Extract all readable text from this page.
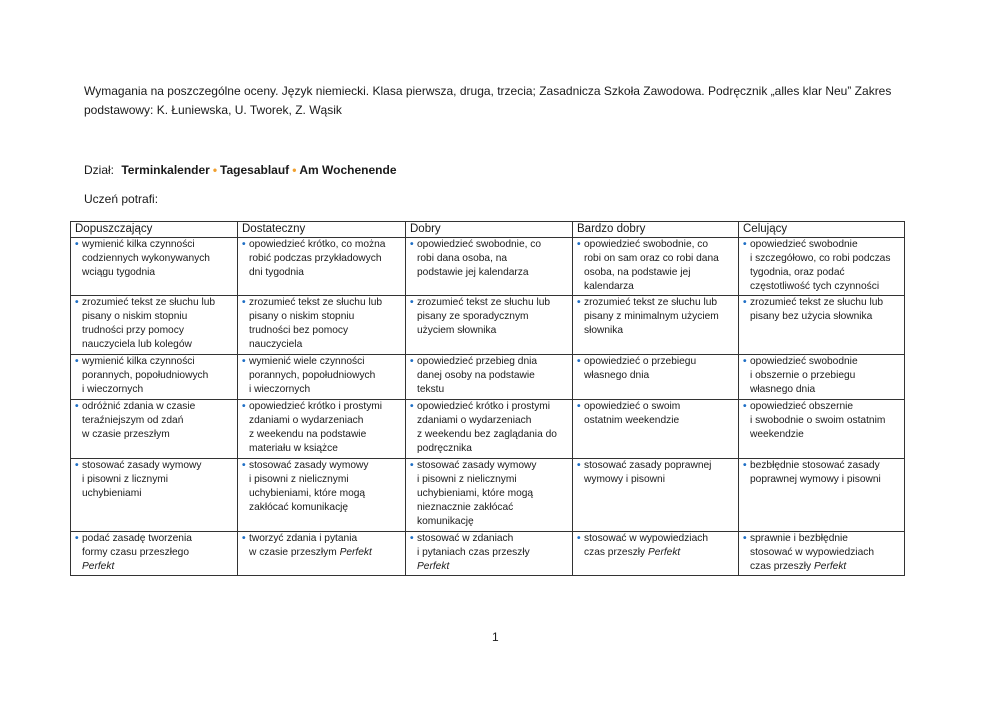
Wymagania na poszczególne oceny. Język niemiecki. Klasa pierwsza, druga, trzecia; Zasadnicza Szkoła Zawodowa. Podręcznik „alles klar Neu” Zakres
podstawowy: K. Łuniewska, U. Tworek, Z. Wąsik
Dział: Terminkalender • Tagesablauf • Am Wochenende
Uczeń potrafi:
Dopuszczający	Dostateczny	Dobry	Bardzo dobry	Celujący

• wymienić kilka czynności

codziennych wykonywanych
wciągu tygodnia	• opowiedzieć krótko, co można

robić podczas przykładowych
dni tygodnia	• opowiedzieć swobodnie, co

robi dana osoba, na
podstawie jej kalendarza	• opowiedzieć swobodnie, co

robi on sam oraz co robi dana
osoba, na podstawie jej
kalendarza	• opowiedzieć swobodnie

i szczegółowo, co robi podczas
tygodnia, oraz podać
częstotliwość tych czynności

• zrozumieć tekst ze słuchu lub

pisany o niskim stopniu
trudności przy pomocy
nauczyciela lub kolegów	• zrozumieć tekst ze słuchu lub

pisany o niskim stopniu
trudności bez pomocy
nauczyciela	• zrozumieć tekst ze słuchu lub

pisany ze sporadycznym
użyciem słownika	• zrozumieć tekst ze słuchu lub

pisany z minimalnym użyciem
słownika	• zrozumieć tekst ze słuchu lub

pisany bez użycia słownika

• wymienić kilka czynności

porannych, popołudniowych
i wieczornych	• wymienić wiele czynności

porannych, popołudniowych
i wieczornych	• opowiedzieć przebieg dnia

danej osoby na podstawie
tekstu	• opowiedzieć o przebiegu

własnego dnia	• opowiedzieć swobodnie

i obszernie o przebiegu
własnego dnia

• odróżnić zdania w czasie

teraźniejszym od zdań
w czasie przeszłym	• opowiedzieć krótko i prostymi

zdaniami o wydarzeniach
z weekendu na podstawie
materiału w książce	• opowiedzieć krótko i prostymi

zdaniami o wydarzeniach
z weekendu bez zaglądania do
podręcznika	• opowiedzieć o swoim

ostatnim weekendzie	• opowiedzieć obszernie

i swobodnie o swoim ostatnim
weekendzie

• stosować zasady wymowy

i pisowni z licznymi
uchybieniami	• stosować zasady wymowy

i pisowni z nielicznymi
uchybieniami, które mogą
zakłócać komunikację	• stosować zasady wymowy

i pisowni z nielicznymi
uchybieniami, które mogą
nieznacznie zakłócać
komunikację	• stosować zasady poprawnej

wymowy i pisowni	• bezbłędnie stosować zasady

poprawnej wymowy i pisowni

• podać zasadę tworzenia

formy czasu przeszłego
Perfekt	• tworzyć zdania i pytania

w czasie przeszłym Perfekt	• stosować w zdaniach

i pytaniach czas przeszły
Perfekt	• stosować w wypowiedziach

czas przeszły Perfekt	• sprawnie i bezbłędnie

stosować w wypowiedziach
czas przeszły Perfekt
1
